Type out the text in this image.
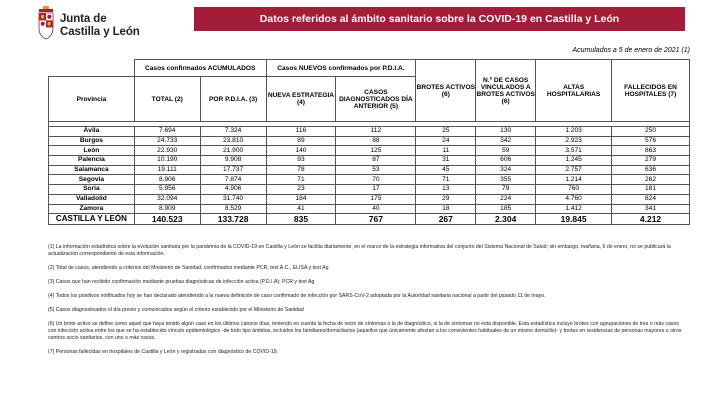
Junta de
Castilla y León
Datos referidos al ámbito sanitario sobre la COVID-19 en Castilla y León
Acumulados a 5 de enero de 2021 (1)
	Casos confirmados ACUMULADOS		Casos NUEVOS confirmados por P.D.I.A.		BROTES ACTIVOS (6)	N.º DE CASOS VINCULADOS A BROTES ACTIVOS (6)	ALTAS HOSPITALARIAS	FALLECIDOS EN HOSPITALES (7)
Provincia	TOTAL (2)	POR P.D.I.A. (3)	NUEVA ESTRATEGIA (4)	CASOS DIAGNOSTICADOS DÍA ANTERIOR (5)				

Ávila	7.694	7.324	116	112	25	130	1.203	250
Burgos	24.733	23.810	89	88	24	342	2.923	576
León	22.930	21.900	140	125	11	59	3.571	863
Palencia	10.190	9.908	93	87	31	606	1.245	279
Salamanca	19.111	17.737	78	53	45	324	2.757	636
Segovia	8.906	7.874	71	70	71	355	1.214	262
Soria	5.956	4.906	23	17	13	79	760	181
Valladolid	32.094	31.740	184	175	29	224	4.760	824
Zamora	8.909	8.529	41	40	18	185	1.412	341
CASTILLA Y LEÓN	140.523	133.728	835	767	267	2.304	19.845	4.212

(1) La información estadística sobre la evolución sanitaria por la pandemia de la COVID-19 en Castilla y León se facilita diariamente, en el marco de la estrategia informativa del conjunto del Sistema Nacional de Salud; sin embargo, mañana, 6 de enero, no se publicará la actualización correspondiente de esta información.

(2) Total de casos, atendiendo a criterios del Ministerio de Sanidad, confirmados mediante PCR, test A.C., ELISA y test Ag

(3) Casos que han recibido confirmación mediante pruebas diagnósticas de infección activa (P.D.I.A): PCR y test Ag

(4) Todos los positivos notificados hoy se han declarado atendiendo a la nueva definición de caso confirmado de infección por SARS-CoV-2 adoptada por la Autoridad sanitaria nacional a partir del pasado 11 de mayo.

(5) Casos diagnosticados el día previo y comunicados según el criterio establecido por el Ministerio de Sanidad

(6) Un brote activo se define como aquel que haya tenido algún caso en los últimos catorce días, teniendo en cuenta la fecha de inicio de síntomas o la de diagnóstico, si la de síntomas no está disponible. Esta estadística incluye brotes con agrupaciones de tres o más casos con infección activa entre los que se ha establecido vínculo epidemiológico -de todo tipo ámbitos, incluidos los familiares/domiciliarios (aquellos que únicamente afectan a los convivientes habituales de un mismo domicilio)- y brotes en residencias de personas mayores u otros centros socio sanitarios, con uno o más casos.

(7) Personas fallecidas en hospitales de Castilla y León y registradas con diagnóstico de COVID-19.
